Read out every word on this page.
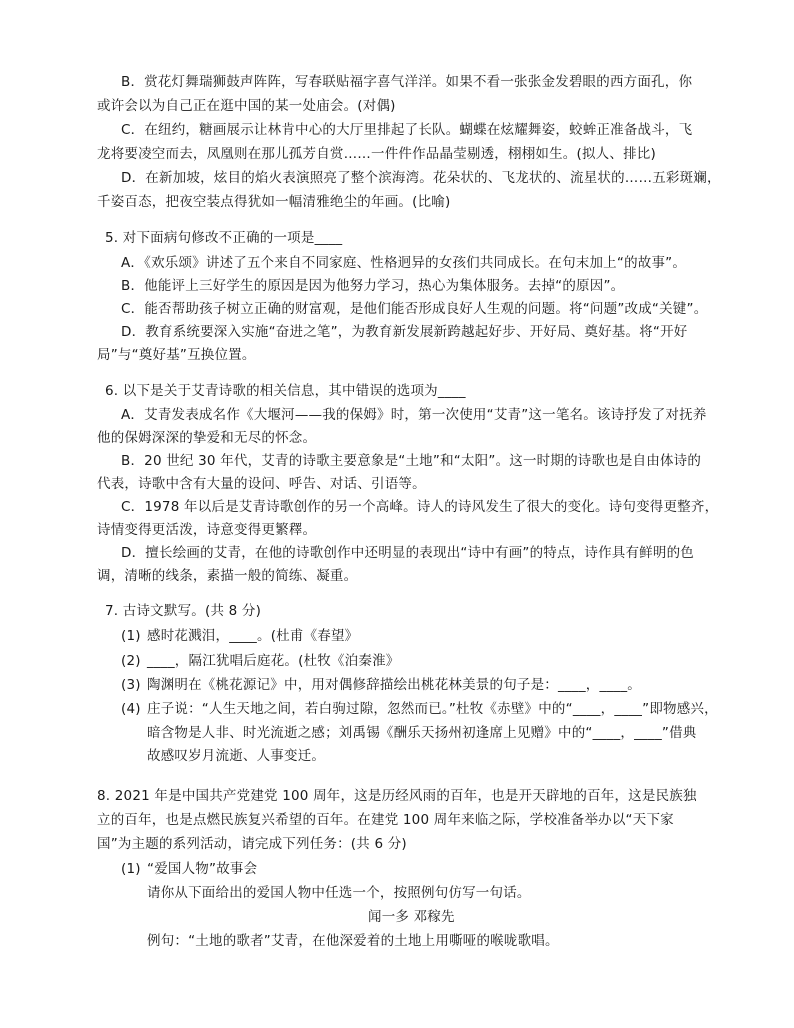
B．赏花灯舞瑞狮鼓声阵阵，写春联贴福字喜气洋洋。如果不看一张张金发碧眼的西方面孔，你
或许会以为自己正在逛中国的某一处庙会。(对偶)
C．在纽约，糖画展示让林肯中心的大厅里排起了长队。蝴蝶在炫耀舞姿，蛟蛑正准备战斗，飞
龙将要凌空而去，凤凰则在那儿孤芳自赏……一件件作品晶莹剔透，栩栩如生。(拟人、排比)
D．在新加坡，炫目的焰火表演照亮了整个滨海湾。花朵状的、飞龙状的、流星状的……五彩斑斓，
千姿百态，把夜空装点得犹如一幅清雅绝尘的年画。(比喻)
5. 对下面病句修改不正确的一项是____
A．《欢乐颂》讲述了五个来自不同家庭、性格迥异的女孩们共同成长。在句末加上“的故事”。
B．他能评上三好学生的原因是因为他努力学习，热心为集体服务。去掉“的原因”。
C．能否帮助孩子树立正确的财富观，是他们能否形成良好人生观的问题。将“问题”改成“关键”。
D．教育系统要深入实施“奋进之笔”，为教育新发展新跨越起好步、开好局、奠好基。将“开好
局”与“奠好基”互换位置。
6. 以下是关于艾青诗歌的相关信息，其中错误的选项为____
A．艾青发表成名作《大堰河——我的保姆》时，第一次使用“艾青”这一笔名。该诗抒发了对抚养
他的保姆深深的挚爱和无尽的怀念。
B．20 世纪 30 年代，艾青的诗歌主要意象是“土地”和“太阳”。这一时期的诗歌也是自由体诗的
代表，诗歌中含有大量的设问、呼告、对话、引语等。
C．1978 年以后是艾青诗歌创作的另一个高峰。诗人的诗风发生了很大的变化。诗句变得更整齐，
诗情变得更活泼，诗意变得更繁䆁。
D．擅长绘画的艾青，在他的诗歌创作中还明显的表现出“诗中有画”的特点，诗作具有鲜明的色
调，清晰的线条，素描一般的简练、凝重。
7. 古诗文默写。(共 8 分)
(1) 感时花溅泪，____。(杜甫《春望》
(2) ____，隔江犹唱后庭花。(杜牧《泊秦淮》
(3) 陶渊明在《桃花源记》中，用对偶修辞描绘出桃花林美景的句子是：____，____。
(4) 庄子说：“人生天地之间，若白驹过隙，忽然而已。”杜牧《赤壁》中的“____，____”即物感兴，
暗含物是人非、时光流逝之感；刘禹锡《酬乐天扬州初逢席上见赠》中的“____，____”借典
故感叹岁月流逝、人事变迁。
8. 2021 年是中国共产党建党 100 周年，这是历经风雨的百年，也是开天辟地的百年，这是民族独
立的百年，也是点燃民族复兴希望的百年。在建党 100 周年来临之际，学校准备举办以“天下家
国”为主题的系列活动，请完成下列任务：(共 6 分)
(1) “爱国人物”故事会
请你从下面给出的爱国人物中任选一个，按照例句仿写一句话。
闻一多 邓稼先
例句：“土地的歌者”艾青，在他深爱着的土地上用嘶哑的喉咙歌唱。
